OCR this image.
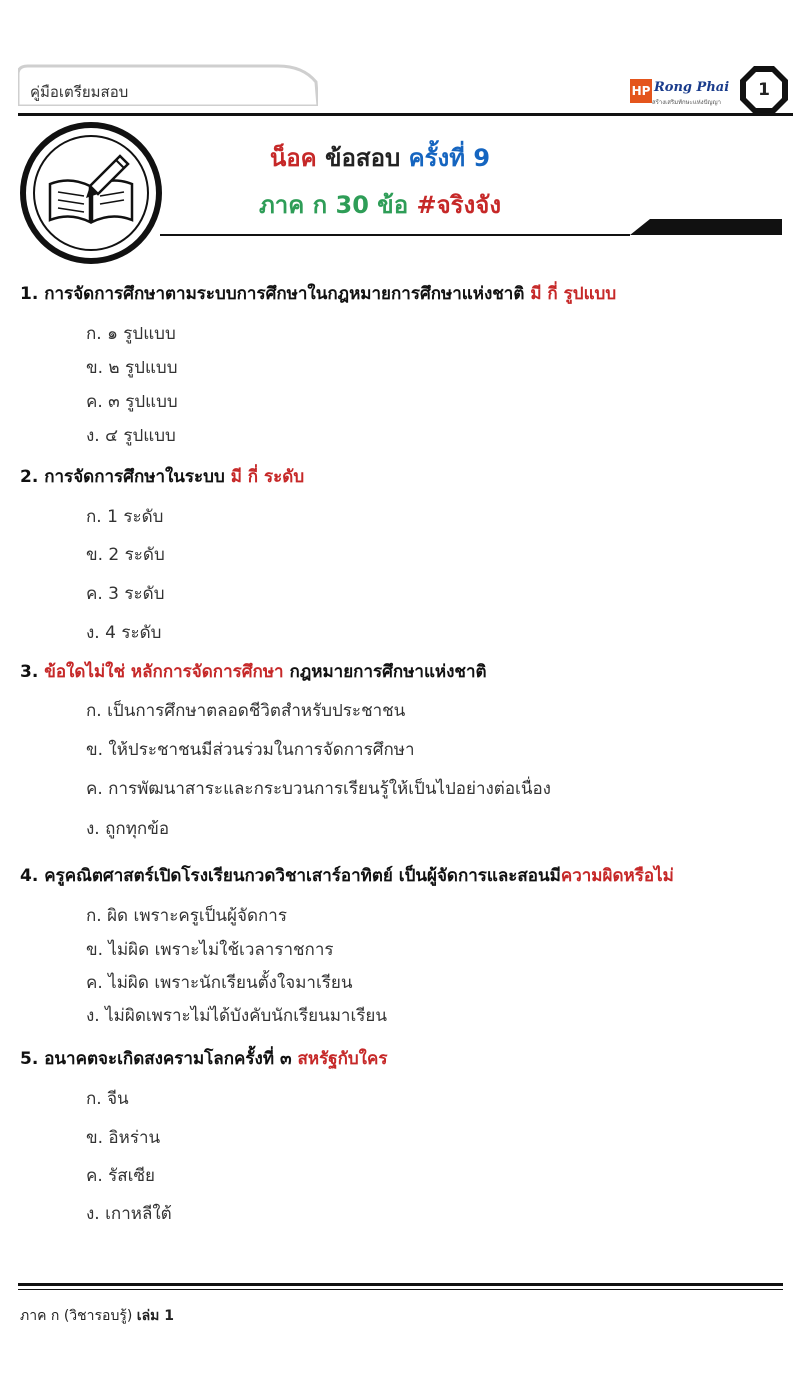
คู่มือเตรียมสอบ	HP Rong Phai
สร้างเสริมทักษะแห่งปัญญา
1
น็อค ข้อสอบ ครั้งที่ 9
ภาค ก 30 ข้อ #จริงจัง
1. การจัดการศึกษาตามระบบการศึกษาในกฎหมายการศึกษาแห่งชาติ มี กี่ รูปแบบ
ก. ๑ รูปแบบ
ข. ๒ รูปแบบ
ค. ๓ รูปแบบ
ง. ๔ รูปแบบ
2. การจัดการศึกษาในระบบ มี กี่ ระดับ
ก. 1 ระดับ
ข. 2 ระดับ
ค. 3 ระดับ
ง. 4 ระดับ
3. ข้อใดไม่ใช่ หลักการจัดการศึกษา กฎหมายการศึกษาแห่งชาติ
ก. เป็นการศึกษาตลอดชีวิตสำหรับประชาชน
ข. ให้ประชาชนมีส่วนร่วมในการจัดการศึกษา
ค. การพัฒนาสาระและกระบวนการเรียนรู้ให้เป็นไปอย่างต่อเนื่อง
ง. ถูกทุกข้อ
4. ครูคณิตศาสตร์เปิดโรงเรียนกวดวิชาเสาร์อาทิตย์ เป็นผู้จัดการและสอนมีความผิดหรือไม่
ก. ผิด เพราะครูเป็นผู้จัดการ
ข. ไม่ผิด เพราะไม่ใช้เวลาราชการ
ค. ไม่ผิด เพราะนักเรียนตั้งใจมาเรียน
ง. ไม่ผิดเพราะไม่ได้บังคับนักเรียนมาเรียน
5. อนาคตจะเกิดสงครามโลกครั้งที่ ๓ สหรัฐกับใคร
ก. จีน
ข. อิหร่าน
ค. รัสเซีย
ง. เกาหลีใต้
ภาค ก (วิชารอบรู้) เล่ม 1
